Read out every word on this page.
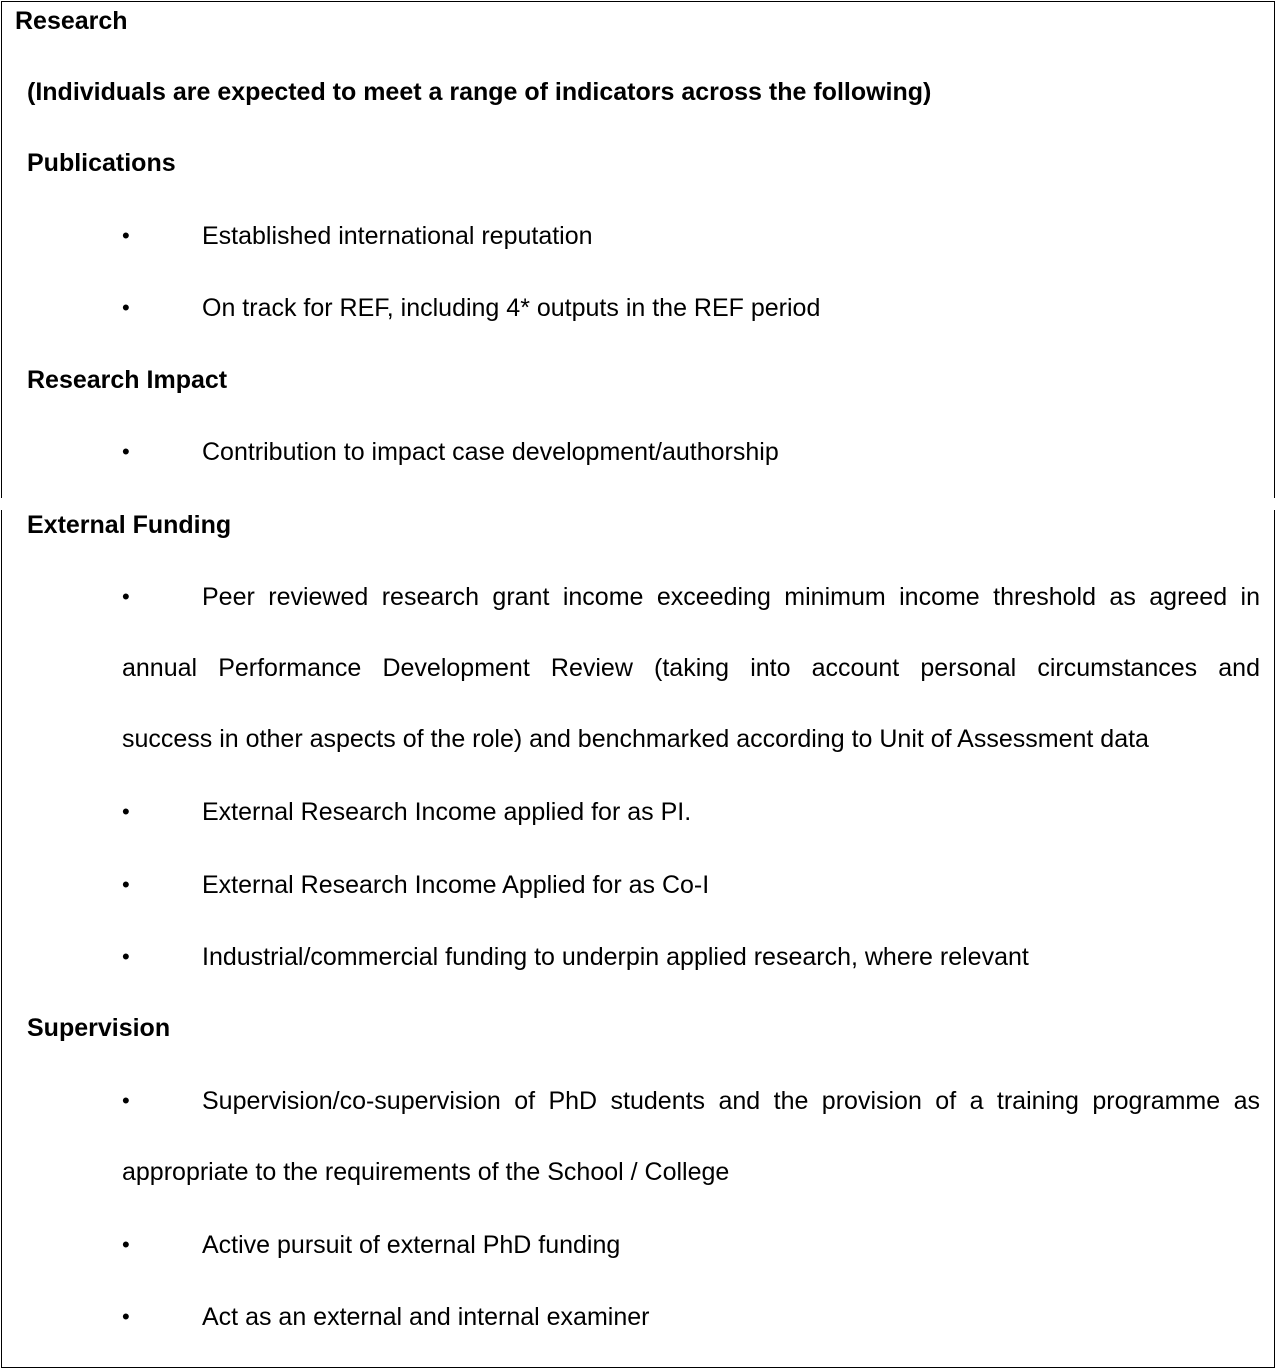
Research

(Individuals are expected to meet a range of indicators across the following)

Publications

•	Established international reputation

•	On track for REF, including 4* outputs in the REF period

Research Impact

•	Contribution to impact case development/authorship

External Funding

•	Peer reviewed research grant income exceeding minimum income threshold as agreed in

annual Performance Development Review (taking into account personal circumstances and

success in other aspects of the role) and benchmarked according to Unit of Assessment data

•	External Research Income applied for as PI.

•	External Research Income Applied for as Co-I

•	Industrial/commercial funding to underpin applied research, where relevant

Supervision

•	Supervision/co-supervision of PhD students and the provision of a training programme as

appropriate to the requirements of the School / College

•	Active pursuit of external PhD funding

•	Act as an external and internal examiner
